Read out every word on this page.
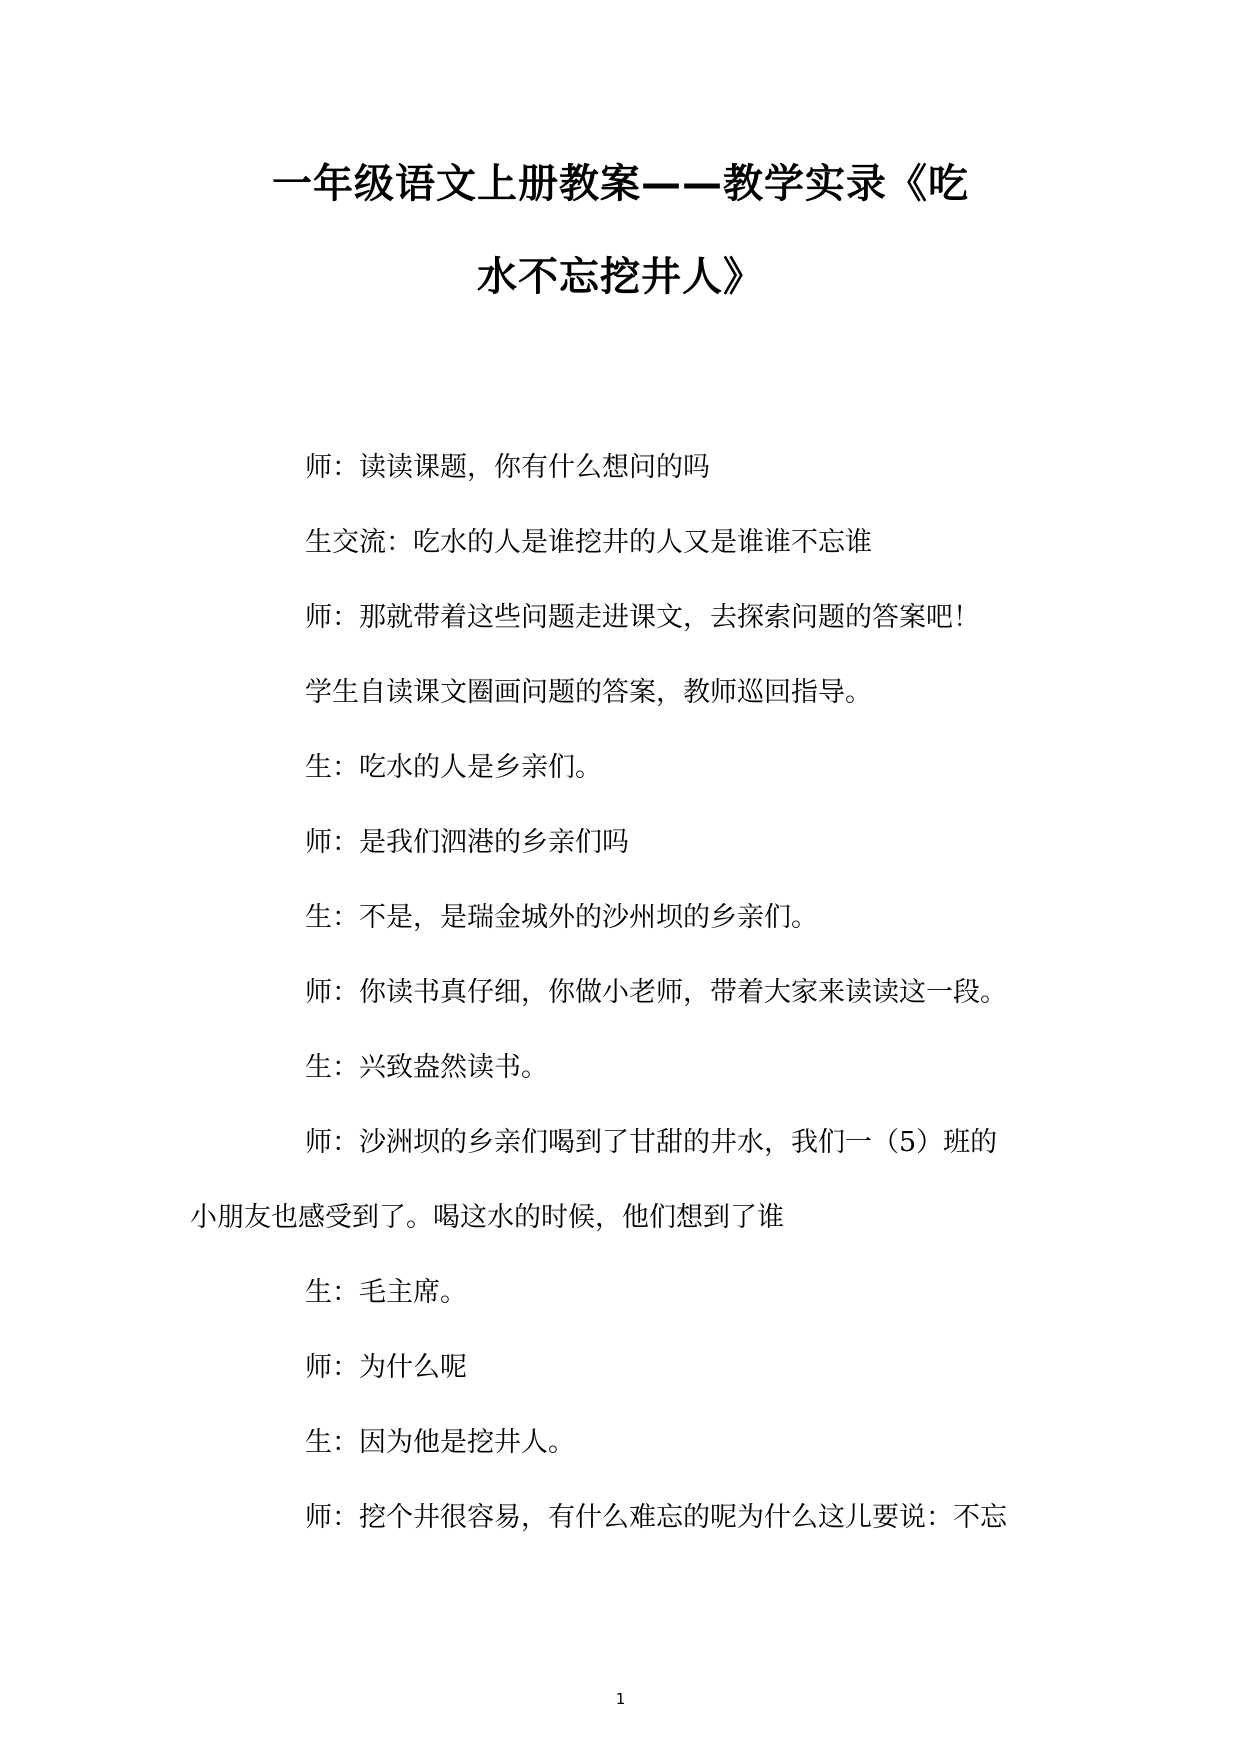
一年级语文上册教案——教学实录《吃
水不忘挖井人》
师：读读课题，你有什么想问的吗
生交流：吃水的人是谁挖井的人又是谁谁不忘谁
师：那就带着这些问题走进课文，去探索问题的答案吧！
学生自读课文圈画问题的答案，教师巡回指导。
生：吃水的人是乡亲们。
师：是我们泗港的乡亲们吗
生：不是，是瑞金城外的沙州坝的乡亲们。
师：你读书真仔细，你做小老师，带着大家来读读这一段。
生：兴致盎然读书。
师：沙洲坝的乡亲们喝到了甘甜的井水，我们一（5）班的
小朋友也感受到了。喝这水的时候，他们想到了谁
生：毛主席。
师：为什么呢
生：因为他是挖井人。
师：挖个井很容易，有什么难忘的呢为什么这儿要说：不忘
1
